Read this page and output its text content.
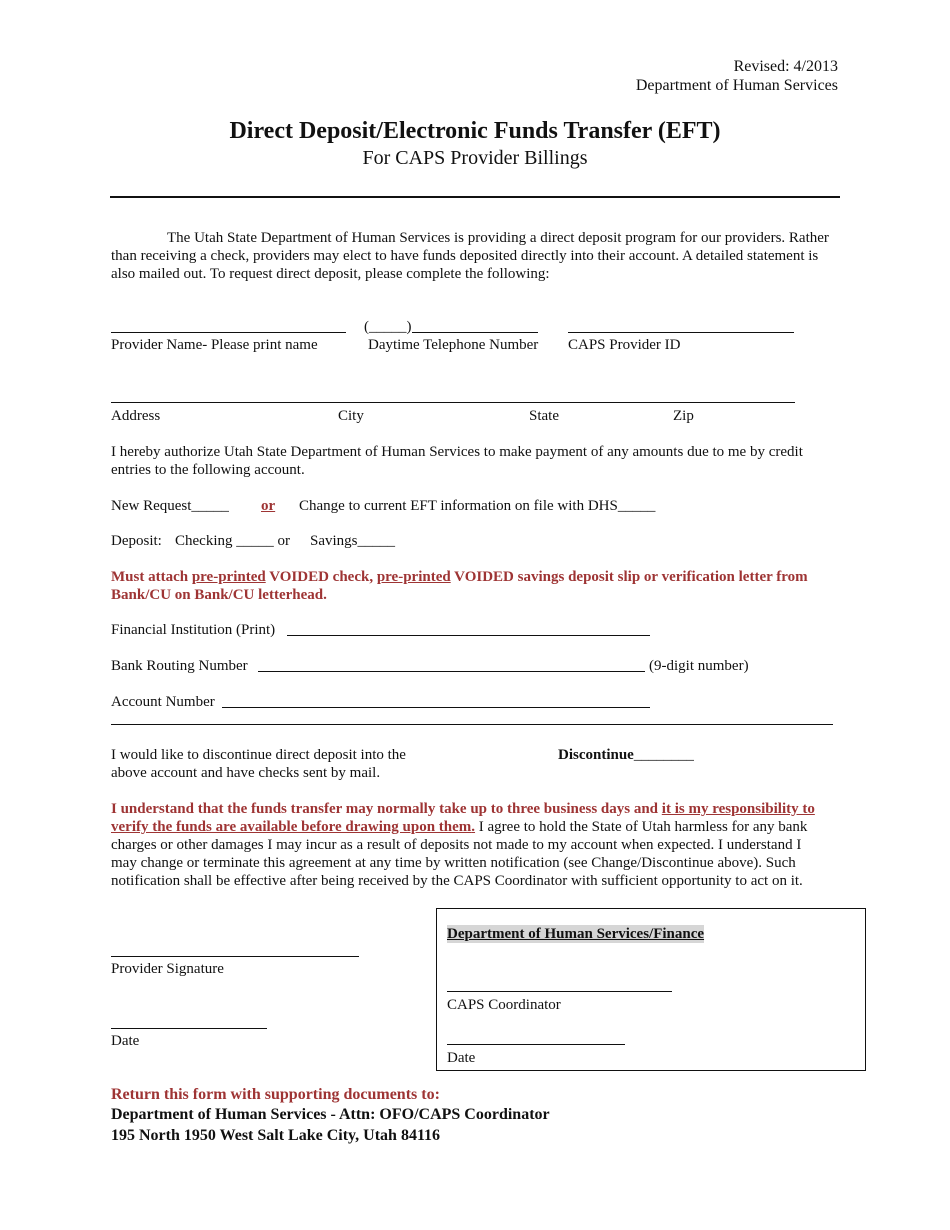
Revised: 4/2013
Department of Human Services
Direct Deposit/Electronic Funds Transfer (EFT)
For CAPS Provider Billings
The Utah State Department of Human Services is providing a direct deposit program for our providers. Rather than receiving a check, providers may elect to have funds deposited directly into their account. A detailed statement is also mailed out. To request direct deposit, please complete the following:
(_____)
Provider Name- Please print name	Daytime Telephone Number CAPS Provider ID
Address	City	State	Zip
I hereby authorize Utah State Department of Human Services to make payment of any amounts due to me by credit entries to the following account.
New Request_____ or Change to current EFT information on file with DHS_____
Deposit: Checking _____ or Savings_____
Must attach pre-printed VOIDED check, pre-printed VOIDED savings deposit slip or verification letter from Bank/CU on Bank/CU letterhead.
Financial Institution (Print)
Bank Routing Number	(9-digit number)
Account Number
I would like to discontinue direct deposit into the
above account and have checks sent by mail.
Discontinue________
I understand that the funds transfer may normally take up to three business days and it is my responsibility to verify the funds are available before drawing upon them. I agree to hold the State of Utah harmless for any bank charges or other damages I may incur as a result of deposits not made to my account when expected. I understand I may change or terminate this agreement at any time by written notification (see Change/Discontinue above). Such notification shall be effective after being received by the CAPS Coordinator with sufficient opportunity to act on it.
Provider Signature
Date
Department of Human Services/Finance
CAPS Coordinator
Date
Return this form with supporting documents to:
Department of Human Services - Attn: OFO/CAPS Coordinator
195 North 1950 West Salt Lake City, Utah 84116
